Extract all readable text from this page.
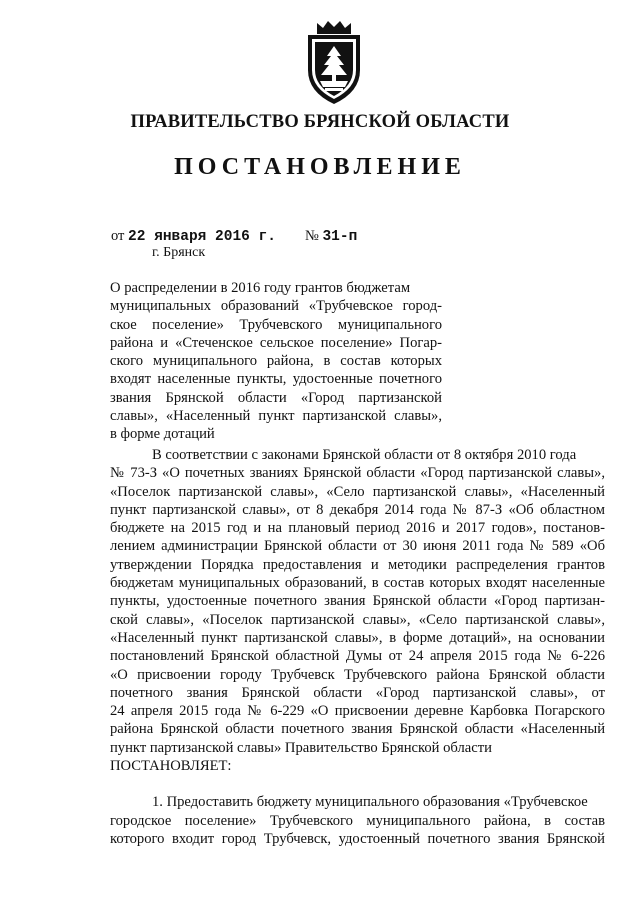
ПРАВИТЕЛЬСТВО БРЯНСКОЙ ОБЛАСТИ
ПОСТАНОВЛЕНИЕ
от 22 января 2016 г. № 31-п
г. Брянск
О распределении в 2016 году грантов бюджетам
муниципальных образований «Трубчевское город-
ское поселение» Трубчевского муниципального
района и «Стеченское сельское поселение» Погар-
ского муниципального района, в состав которых
входят населенные пункты, удостоенные почетного
звания Брянской области «Город партизанской
славы», «Населенный пункт партизанской славы»,
в форме дотаций
В соответствии с законами Брянской области от 8 октября 2010 года
№ 73-З «О почетных званиях Брянской области «Город партизанской славы»,
«Поселок партизанской славы», «Село партизанской славы», «Населенный
пункт партизанской славы», от 8 декабря 2014 года № 87-З «Об областном
бюджете на 2015 год и на плановый период 2016 и 2017 годов», постанов-
лением администрации Брянской области от 30 июня 2011 года № 589 «Об
утверждении Порядка предоставления и методики распределения грантов
бюджетам муниципальных образований, в состав которых входят населенные
пункты, удостоенные почетного звания Брянской области «Город партизан-
ской славы», «Поселок партизанской славы», «Село партизанской славы»,
«Населенный пункт партизанской славы», в форме дотаций», на основании
постановлений Брянской областной Думы от 24 апреля 2015 года № 6-226
«О присвоении городу Трубчевск Трубчевского района Брянской области
почетного звания Брянской области «Город партизанской славы», от
24 апреля 2015 года № 6-229 «О присвоении деревне Карбовка Погарского
района Брянской области почетного звания Брянской области «Населенный
пункт партизанской славы» Правительство Брянской области
ПОСТАНОВЛЯЕТ:
1. Предоставить бюджету муниципального образования «Трубчевское
городское поселение» Трубчевского муниципального района, в состав
которого входит город Трубчевск, удостоенный почетного звания Брянской
